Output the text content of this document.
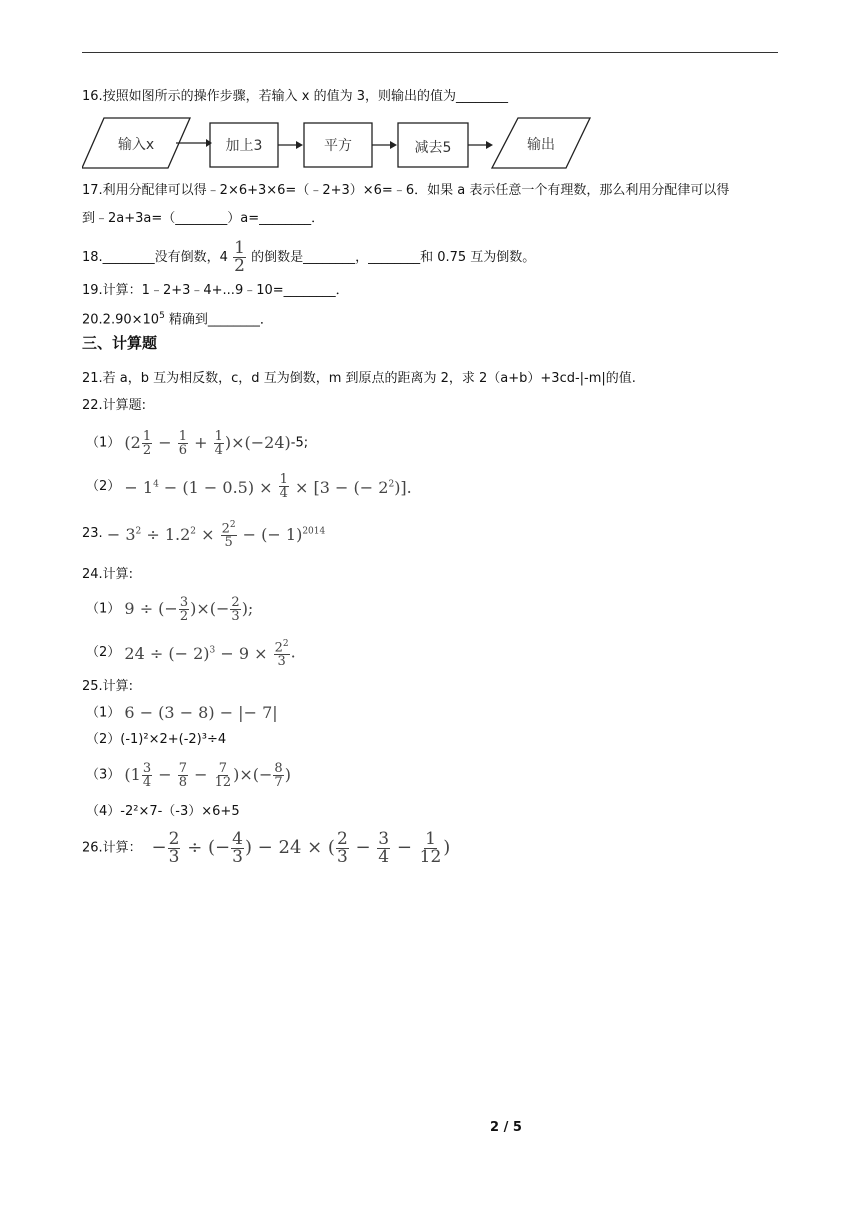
16.按照如图所示的操作步骤，若输入 x 的值为 3，则输出的值为________
输入x	加上3	平方	减去5	输出
17.利用分配律可以得﹣2×6+3×6=（﹣2+3）×6=﹣6．如果 a 表示任意一个有理数，那么利用分配律可以得
到﹣2a+3a=（________）a=________．
18.________没有倒数，$4 \frac{1}{2}$ 的倒数是________，________和 0.75 互为倒数。
19.计算：1﹣2+3﹣4+...9﹣10=________．
$20.2.90\times 10^5$ 精确到________．
三、计算题
21.若 a，b 互为相反数，c，d 互为倒数，m 到原点的距离为 2，求 2（a+b）+3cd-|-m|的值.
22.计算题:
（1） $(2 \frac{1}{2} - \frac{1}{6} + \frac{1}{4} )\times(-24)-5$;
$(2) - 1^4 - (1 - 0.5) \times \frac{1}{4} \times [3$ − (− $2^2$)].
23. − $3^2 \div 1.2^2 \times \frac{2^2}{5}$ − (− 1)$^{2014}$
24.计算:
（1） 9 ÷ (− $\frac{3}{2}$ )×(− $\frac{2}{3}$ );
（2） 24 ÷ (− $2)^3 - 9 \times \frac{2^2}{3}$ .
25.计算:
（1） 6 − (3 − 8) − |− 7|
（2）(-1)²×2+(-2)³÷4
（3） ($1 \frac{3}{4} - \frac{7}{8} - \frac{7}{12}$ )×(− $\frac{8}{7}$ )
（4）-2²×7-（-3）×6+5
26.计算：  − $\frac{2}{3}$ ÷ (− $\frac{4}{3}$ ) − 24 × ( $\frac{2}{3} - \frac{3}{4} - \frac{1}{12}$ )
2 / 5
